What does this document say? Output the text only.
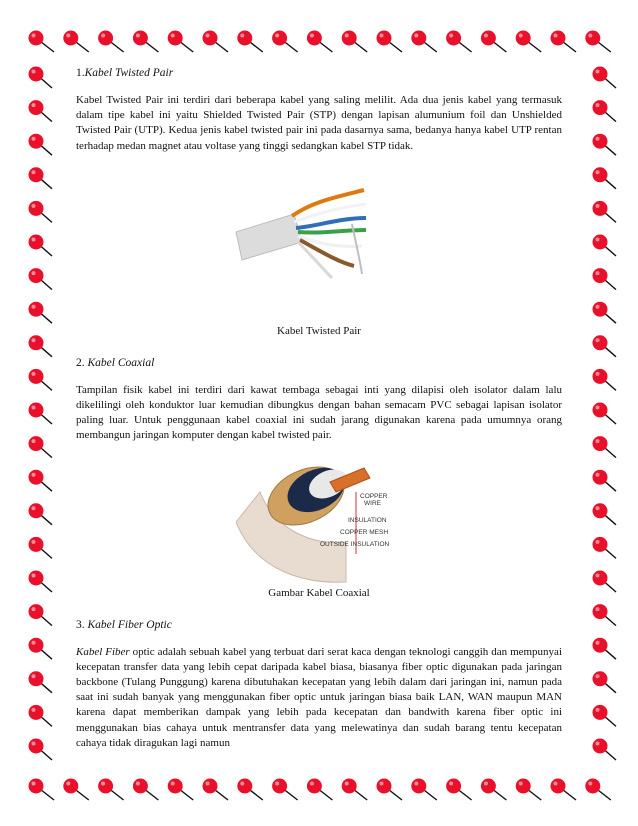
1.Kabel Twisted Pair

Kabel Twisted Pair ini terdiri dari beberapa kabel yang saling melilit. Ada dua jenis kabel yang termasuk dalam tipe kabel ini yaitu Shielded Twisted Pair (STP) dengan lapisan alumunium foil dan Unshielded Twisted Pair (UTP). Kedua jenis kabel twisted pair ini pada dasarnya sama, bedanya hanya kabel UTP rentan terhadap medan magnet atau voltase yang tinggi sedangkan kabel STP tidak.

Kabel Twisted Pair

2. Kabel Coaxial

Tampilan fisik kabel ini terdiri dari kawat tembaga sebagai inti yang dilapisi oleh isolator dalam lalu dikelilingi oleh konduktor luar kemudian dibungkus dengan bahan semacam PVC sebagai lapisan isolator paling luar. Untuk penggunaan kabel coaxial ini sudah jarang digunakan karena pada umumnya orang membangun jaringan komputer dengan kabel twisted pair.

COPPER
WIRE
INSULATION
COPPER MESH
OUTSIDE INSULATION

Gambar Kabel Coaxial

3. Kabel Fiber Optic

Kabel Fiber optic adalah sebuah kabel yang terbuat dari serat kaca dengan teknologi canggih dan mempunyai kecepatan transfer data yang lebih cepat daripada kabel biasa, biasanya fiber optic digunakan pada jaringan backbone (Tulang Punggung) karena dibutuhakan kecepatan yang lebih dalam dari jaringan ini, namun pada saat ini sudah banyak yang menggunakan fiber optic untuk jaringan biasa baik LAN, WAN maupun MAN karena dapat memberikan dampak yang lebih pada kecepatan dan bandwith karena fiber optic ini menggunakan bias cahaya untuk mentransfer data yang melewatinya dan sudah barang tentu kecepatan cahaya tidak diragukan lagi namun
